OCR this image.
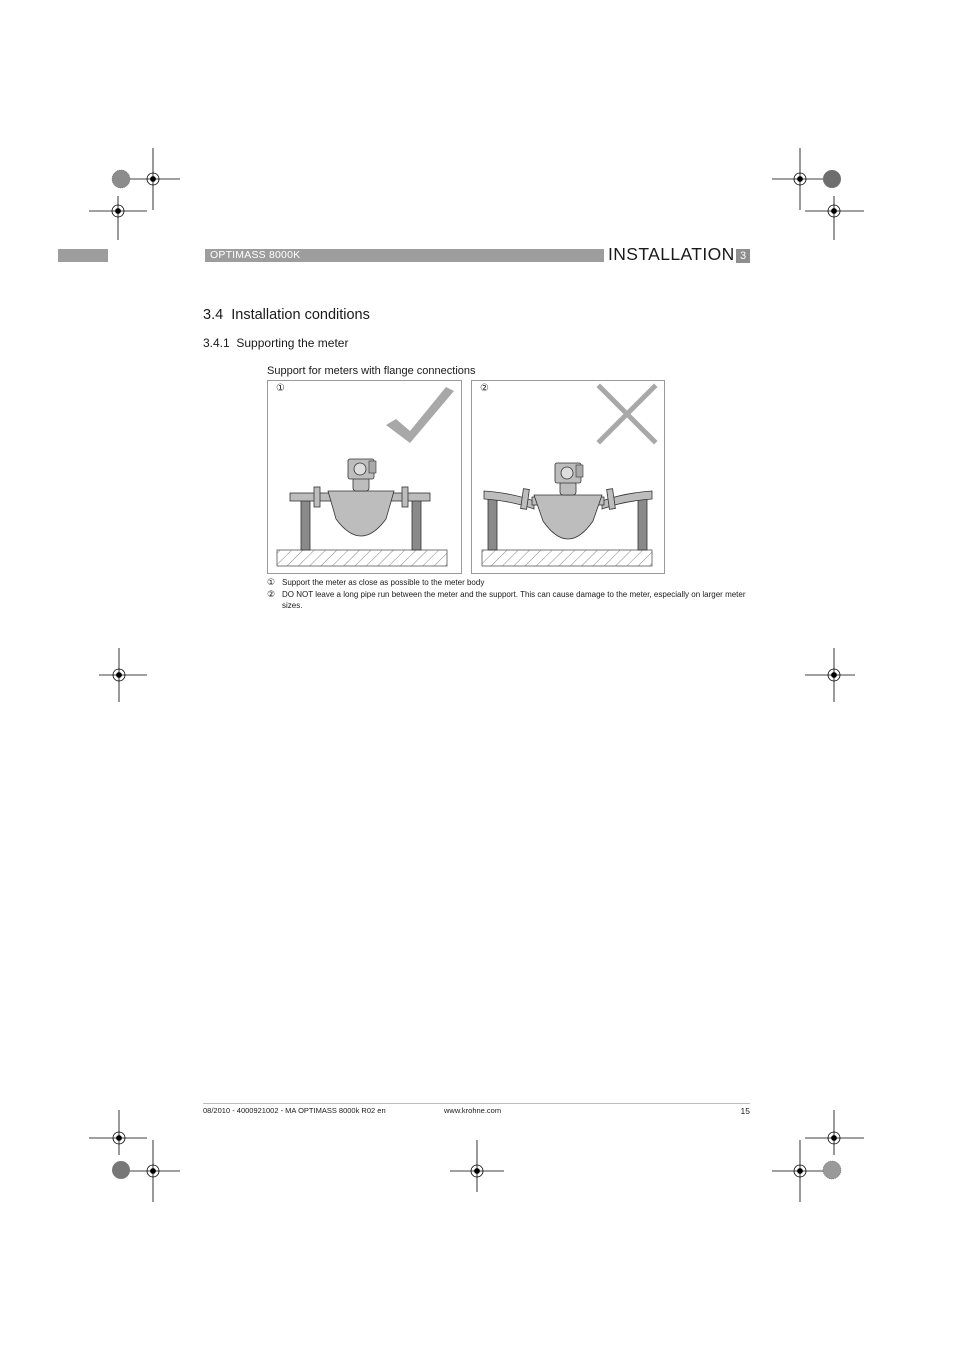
OPTIMASS 8000K	INSTALLATION 3
3.4 Installation conditions
3.4.1 Supporting the meter
Support for meters with flange connections
①	②
① Support the meter as close as possible to the meter body
② DO NOT leave a long pipe run between the meter and the support. This can cause damage to the meter, especially on larger meter sizes.
08/2010 - 4000921002 - MA OPTIMASS 8000k R02 en	www.krohne.com	15
